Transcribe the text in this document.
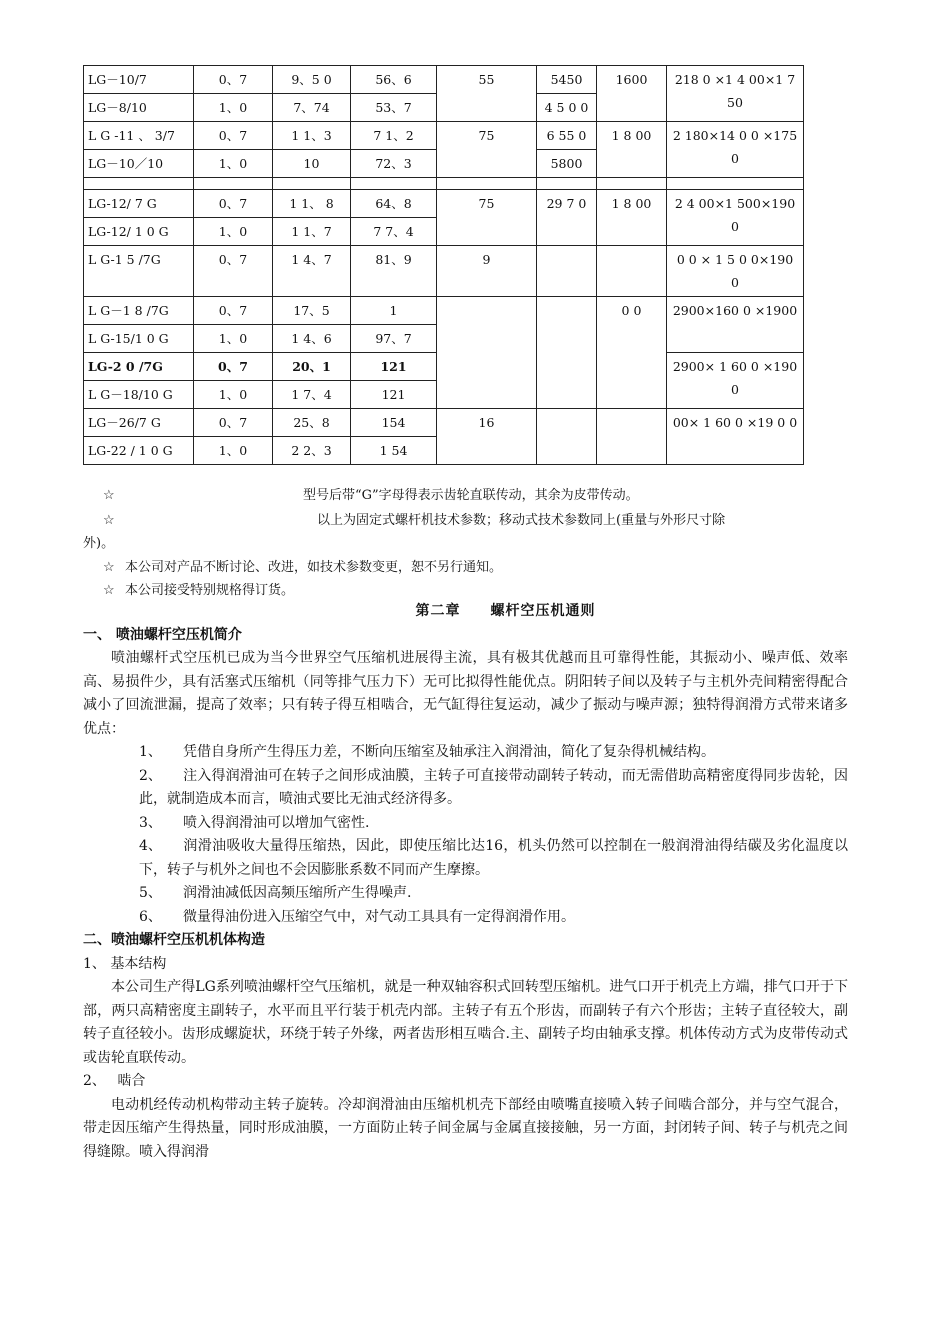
LG－10/7	0、7	9、5 0	56、6	55	5450	1600	218 0 ×1 4 00×1 750
LG－8/10	1、0	7、74	53、7		4 5 0 0		
L G -11 、 3/7	0、7	1 1、3	7 1、2	75	6 55 0	1 8 00	2 180×14 0 0 ×1750
LG－10／10	1、0	10	72、3		5800		

LG-12/ 7 G	0、7	1 1、 8	64、8	75	29 7 0	1 8 00	2 4 00×1 500×1900
LG-12/ 1 0 G	1、0	1 1、7	7 7、4				
L G-1 5 /7G	0、7	1 4、7	81、9	9			0 0 × 1 5 0 0×190 0
L G－1 8 /7G	0、7	17、5	1			0 0	2900×160 0 ×1900
L G-15/1 0 G	1、0	1 4、6	97、7				
LG-2 0 /7G	0、7	20、1	121				2900× 1 60 0 ×1900
L G－18/10 G	1、0	1 7、4	121				
LG－26/7 G	0、7	25、8	154	16			00× 1 60 0 ×19 0 0
LG-22 / 1 0 G	1、0	2 2、3	1 54				
☆	型号后带“G”字母得表示齿轮直联传动，其余为皮带传动。
☆	以上为固定式螺杆机技术参数；移动式技术参数同上(重量与外形尺寸除
外)。
☆ 本公司对产品不断讨论、改进，如技术参数变更，恕不另行通知。
☆ 本公司接受特别规格得订货。

第二章　　螺杆空压机通则

一、 喷油螺杆空压机简介

喷油螺杆式空压机已成为当今世界空气压缩机进展得主流，具有极其优越而且可靠得性能，其振动小、噪声低、效率高、易损件少，具有活塞式压缩机（同等排气压力下）无可比拟得性能优点。阴阳转子间以及转子与主机外壳间精密得配合减小了回流泄漏，提高了效率；只有转子得互相啮合，无气缸得往复运动，减少了振动与噪声源；独特得润滑方式带来诸多优点：

1、 凭借自身所产生得压力差，不断向压缩室及轴承注入润滑油，简化了复杂得机械结构。

2、 注入得润滑油可在转子之间形成油膜，主转子可直接带动副转子转动，而无需借助高精密度得同步齿轮，因此，就制造成本而言，喷油式要比无油式经济得多。

3、 喷入得润滑油可以增加气密性.

4、 润滑油吸收大量得压缩热，因此，即使压缩比达16，机头仍然可以控制在一般润滑油得结碳及劣化温度以下，转子与机外之间也不会因膨胀系数不同而产生摩擦。

5、 润滑油减低因高频压缩所产生得噪声.

6、 微量得油份进入压缩空气中，对气动工具具有一定得润滑作用。

二、喷油螺杆空压机机体构造

1、 基本结构

本公司生产得LG系列喷油螺杆空气压缩机，就是一种双轴容积式回转型压缩机。进气口开于机壳上方端，排气口开于下部，两只高精密度主副转子，水平而且平行装于机壳内部。主转子有五个形齿，而副转子有六个形齿；主转子直径较大，副转子直径较小。齿形成螺旋状，环绕于转子外缘，两者齿形相互啮合.主、副转子均由轴承支撑。机体传动方式为皮带传动式或齿轮直联传动。

2、　 啮合

电动机经传动机构带动主转子旋转。冷却润滑油由压缩机机壳下部经由喷嘴直接喷入转子间啮合部分，并与空气混合，带走因压缩产生得热量，同时形成油膜，一方面防止转子间金属与金属直接接触，另一方面，封闭转子间、转子与机壳之间得缝隙。喷入得润滑
